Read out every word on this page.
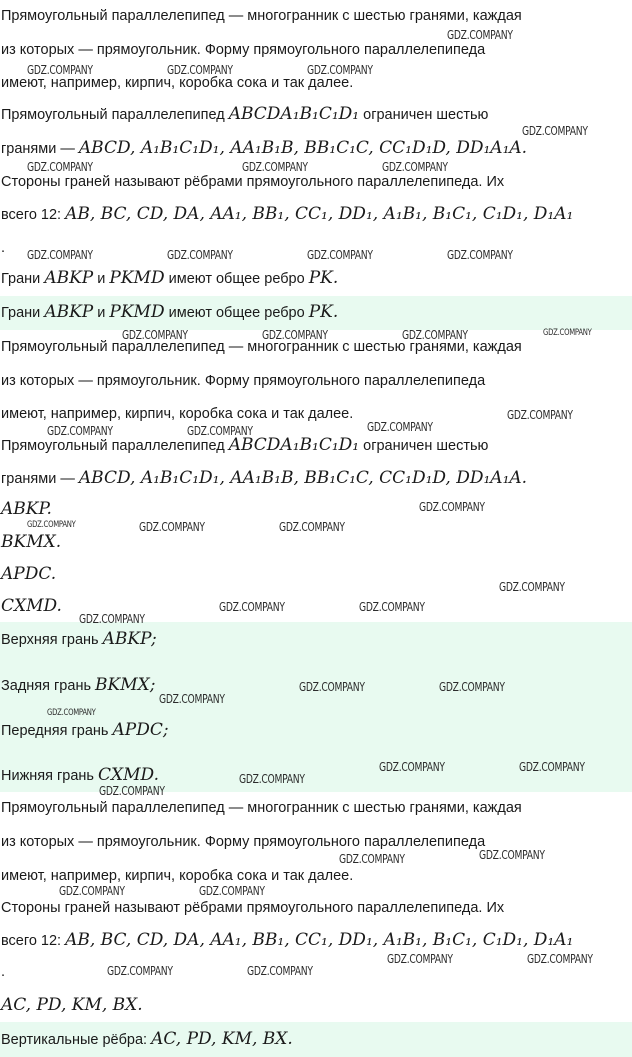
Прямоугольный параллелепипед — многогранник с шестью гранями, каждая
из которых — прямоугольник. Форму прямоугольного параллелепипеда
имеют, например, кирпич, коробка сока и так далее.
Прямоугольный параллелепипед ABCDA₁B₁C₁D₁ ограничен шестью
гранями — ABCD, A₁B₁C₁D₁, AA₁B₁B, BB₁C₁C, CC₁D₁D, DD₁A₁A.
Стороны граней называют рёбрами прямоугольного параллелепипеда. Их
всего 12: AB, BC, CD, DA, AA₁, BB₁, CC₁, DD₁, A₁B₁, B₁C₁, C₁D₁, D₁A₁
.
Грани ABKP и PKMD имеют общее ребро PK.
Грани ABKP и PKMD имеют общее ребро PK.
Прямоугольный параллелепипед — многогранник с шестью гранями, каждая
из которых — прямоугольник. Форму прямоугольного параллелепипеда
имеют, например, кирпич, коробка сока и так далее.
Прямоугольный параллелепипед ABCDA₁B₁C₁D₁ ограничен шестью
гранями — ABCD, A₁B₁C₁D₁, AA₁B₁B, BB₁C₁C, CC₁D₁D, DD₁A₁A.
ABKP.
BKMX.
APDC.
CXMD.
Верхняя грань ABKP;
Задняя грань BKMX;
Передняя грань APDC;
Нижняя грань CXMD.
Прямоугольный параллелепипед — многогранник с шестью гранями, каждая
из которых — прямоугольник. Форму прямоугольного параллелепипеда
имеют, например, кирпич, коробка сока и так далее.
Стороны граней называют рёбрами прямоугольного параллелепипеда. Их
всего 12: AB, BC, CD, DA, AA₁, BB₁, CC₁, DD₁, A₁B₁, B₁C₁, C₁D₁, D₁A₁
.
AC, PD, KM, BX.
Вертикальные рёбра: AC, PD, KM, BX.
GDZ.COMPANY
GDZ.COMPANY	GDZ.COMPANY	GDZ.COMPANY
GDZ.COMPANY
GDZ.COMPANY	GDZ.COMPANY	GDZ.COMPANY
GDZ.COMPANY	GDZ.COMPANY	GDZ.COMPANY	GDZ.COMPANY
GDZ.COMPANY	GDZ.COMPANY	GDZ.COMPANY	GDZ.COMPANY
GDZ.COMPANY
GDZ.COMPANY	GDZ.COMPANY	GDZ.COMPANY
GDZ.COMPANY
GDZ.COMPANY	GDZ.COMPANY	GDZ.COMPANY
GDZ.COMPANY
GDZ.COMPANY
GDZ.COMPANY	GDZ.COMPANY
GDZ.COMPANY
GDZ.COMPANY	GDZ.COMPANY
GDZ.COMPANY
GDZ.COMPANY
GDZ.COMPANY	GDZ.COMPANY
GDZ.COMPANY
GDZ.COMPANY	GDZ.COMPANY
GDZ.COMPANY	GDZ.COMPANY
GDZ.COMPANY	GDZ.COMPANY
GDZ.COMPANY	GDZ.COMPANY
